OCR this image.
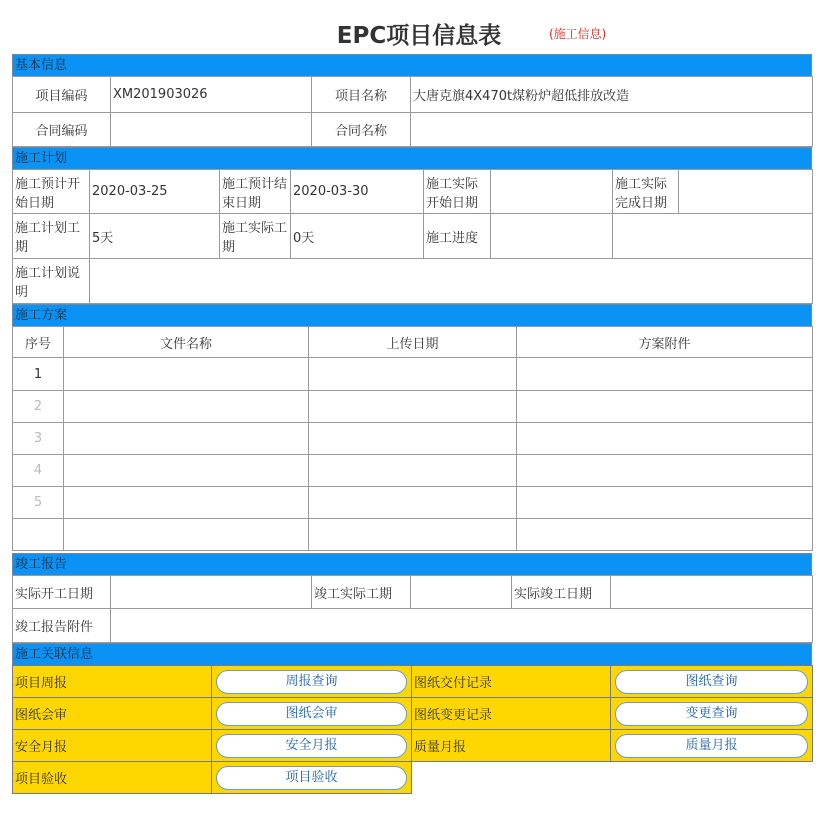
EPC项目信息表	(施工信息)
基本信息
项目编码	XM201903026	项目名称	大唐克旗4X470t煤粉炉超低排放改造
合同编码		合同名称	
施工计划
施工预计开始日期	2020-03-25	施工预计结束日期	2020-03-30	施工实际开始日期		施工实际完成日期	
施工计划工期	5天	施工实际工期	0天	施工进度			
施工计划说明							
施工方案
序号	文件名称	上传日期	方案附件
1			
2			
3			
4			
5			

竣工报告
实际开工日期		竣工实际工期		实际竣工日期	
竣工报告附件					
施工关联信息
项目周报	周报查询	图纸交付记录	图纸查询

图纸会审	图纸会审	图纸变更记录	变更查询

安全月报	安全月报	质量月报	质量月报

项目验收	项目验收		
